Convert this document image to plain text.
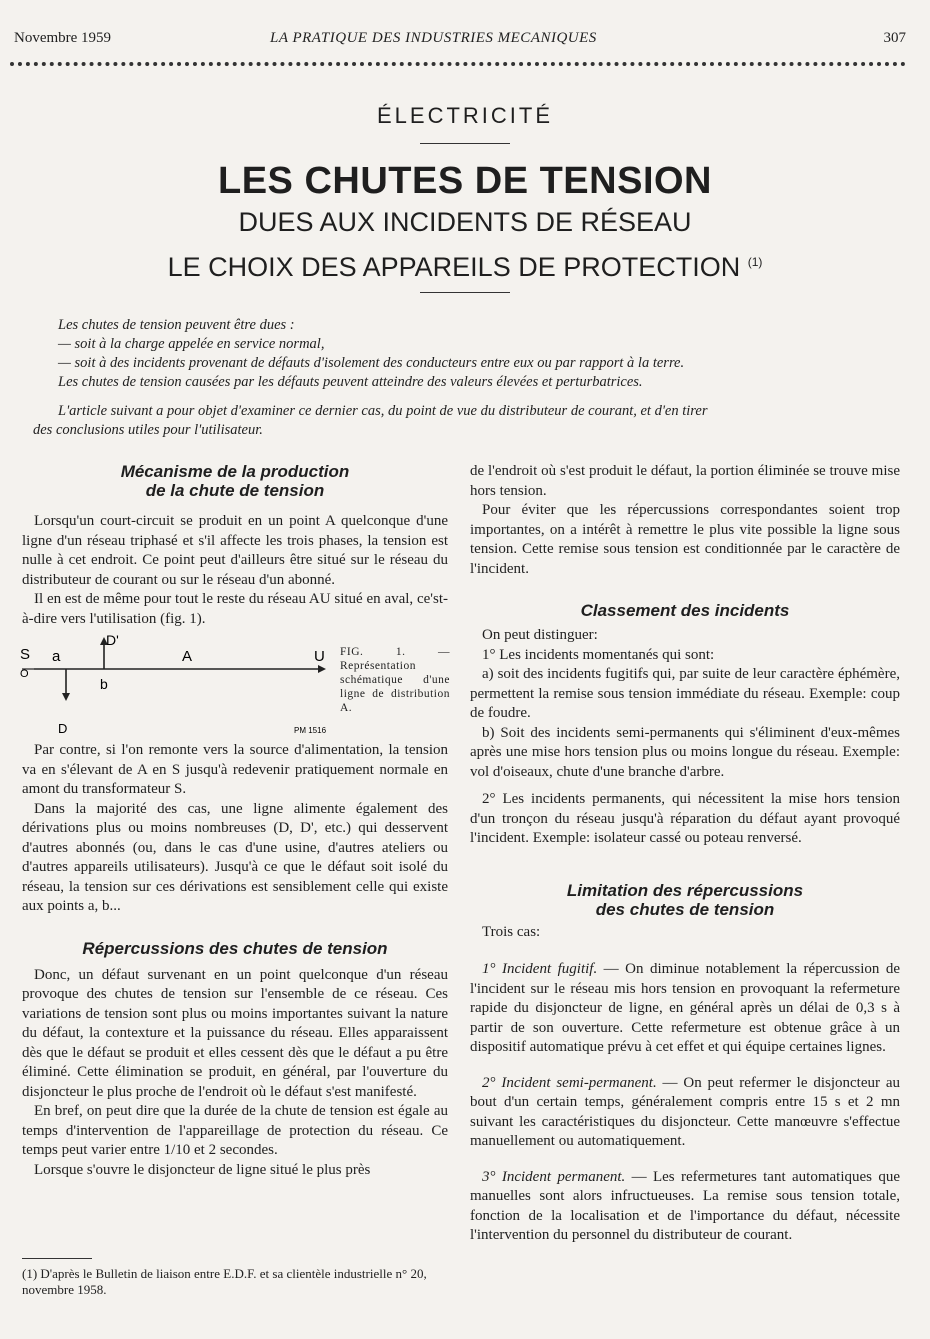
Novembre 1959	LA PRATIQUE DES INDUSTRIES MECANIQUES	307
ÉLECTRICITÉ
LES CHUTES DE TENSION
DUES AUX INCIDENTS DE RÉSEAU
LE CHOIX DES APPAREILS DE PROTECTION $^{(1)}$
Les chutes de tension peuvent être dues :
— soit à la charge appelée en service normal,
— soit à des incidents provenant de défauts d'isolement des conducteurs entre eux ou par rapport à la terre.
Les chutes de tension causées par les défauts peuvent atteindre des valeurs élevées et perturbatrices.
L'article suivant a pour objet d'examiner ce dernier cas, du point de vue du distributeur de courant, et d'en tirer
des conclusions utiles pour l'utilisateur.
Mécanisme de la production
de la chute de tension

Lorsqu'un court-circuit se produit en un point A quelconque d'une ligne d'un réseau triphasé et s'il affecte les trois phases, la tension est nulle à cet endroit. Ce point peut d'ailleurs être situé sur le réseau du distributeur de courant ou sur le réseau d'un abonné.

Il en est de même pour tout le reste du réseau AU situé en aval, ce'st-à-dire vers l'utilisation (fig. 1).

S a	A	U
D'
b
O
D	PM 1516
FIG. 1. — Représentation schématique d'une ligne de distribution A.

Par contre, si l'on remonte vers la source d'alimentation, la tension va en s'élevant de A en S jusqu'à redevenir pratiquement normale en amont du transformateur S.

Dans la majorité des cas, une ligne alimente également des dérivations plus ou moins nombreuses (D, D', etc.) qui desservent d'autres abonnés (ou, dans le cas d'une usine, d'autres ateliers ou d'autres appareils utilisateurs). Jusqu'à ce que le défaut soit isolé du réseau, la tension sur ces dérivations est sensiblement celle qui existe aux points a, b...

Répercussions des chutes de tension

Donc, un défaut survenant en un point quelconque d'un réseau provoque des chutes de tension sur l'ensemble de ce réseau. Ces variations de tension sont plus ou moins importantes suivant la nature du défaut, la contexture et la puissance du réseau. Elles apparaissent dès que le défaut se produit et elles cessent dès que le défaut a pu être éliminé. Cette élimination se produit, en général, par l'ouverture du disjoncteur le plus proche de l'endroit où le défaut s'est manifesté.

En bref, on peut dire que la durée de la chute de tension est égale au temps d'intervention de l'appareillage de protection du réseau. Ce temps peut varier entre 1/10 et 2 secondes.

Lorsque s'ouvre le disjoncteur de ligne situé le plus près

(1) D'après le Bulletin de liaison entre E.D.F. et sa clientèle industrielle n° 20, novembre 1958.

de l'endroit où s'est produit le défaut, la portion éliminée se trouve mise hors tension.

Pour éviter que les répercussions correspondantes soient trop importantes, on a intérêt à remettre le plus vite possible la ligne sous tension. Cette remise sous tension est conditionnée par le caractère de l'incident.

Classement des incidents

On peut distinguer:

1° Les incidents momentanés qui sont:

a) soit des incidents fugitifs qui, par suite de leur caractère éphémère, permettent la remise sous tension immédiate du réseau. Exemple: coup de foudre.

b) Soit des incidents semi-permanents qui s'éliminent d'eux-mêmes après une mise hors tension plus ou moins longue du réseau. Exemple: vol d'oiseaux, chute d'une branche d'arbre.

2° Les incidents permanents, qui nécessitent la mise hors tension d'un tronçon du réseau jusqu'à réparation du défaut ayant provoqué l'incident. Exemple: isolateur cassé ou poteau renversé.

Limitation des répercussions
des chutes de tension

Trois cas:

1° Incident fugitif. — On diminue notablement la répercussion de l'incident sur le réseau mis hors tension en provoquant la refermeture rapide du disjoncteur de ligne, en général après un délai de 0,3 s à partir de son ouverture. Cette refermeture est obtenue grâce à un dispositif automatique prévu à cet effet et qui équipe certaines lignes.

2° Incident semi-permanent. — On peut refermer le disjoncteur au bout d'un certain temps, généralement compris entre 15 s et 2 mn suivant les caractéristiques du disjoncteur. Cette manœuvre s'effectue manuellement ou automatiquement.

3° Incident permanent. — Les refermetures tant automatiques que manuelles sont alors infructueuses. La remise sous tension totale, fonction de la localisation et de l'importance du défaut, nécessite l'intervention du personnel du distributeur de courant.
